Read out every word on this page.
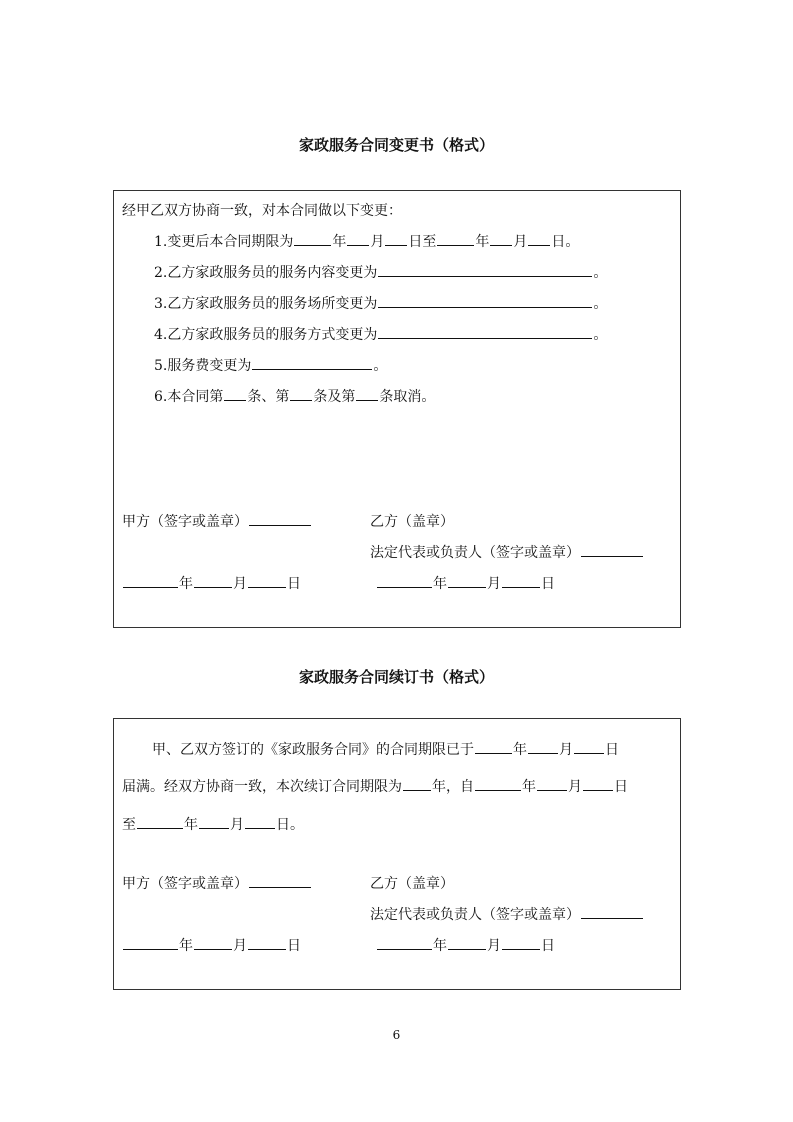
家政服务合同变更书（格式）
经甲乙双方协商一致，对本合同做以下变更：
1.变更后本合同期限为	年 月 日至	年 月 日。
2.乙方家政服务员的服务内容变更为	。
3.乙方家政服务员的服务场所变更为	。
4.乙方家政服务员的服务方式变更为	。
5.服务费变更为	。
6.本合同第 条、第 条及第 条取消。
甲方（签字或盖章）	乙方（盖章）
法定代表或负责人（签字或盖章）
年	月	日	年	月	日
家政服务合同续订书（格式）
甲、乙双方签订的《家政服务合同》的合同期限已于	年 月 日
届满。经双方协商一致，本次续订合同期限为 年，自	年 月 日
至	年 月 日。
甲方（签字或盖章）	乙方（盖章）
法定代表或负责人（签字或盖章）
年	月	日	年	月	日
6
